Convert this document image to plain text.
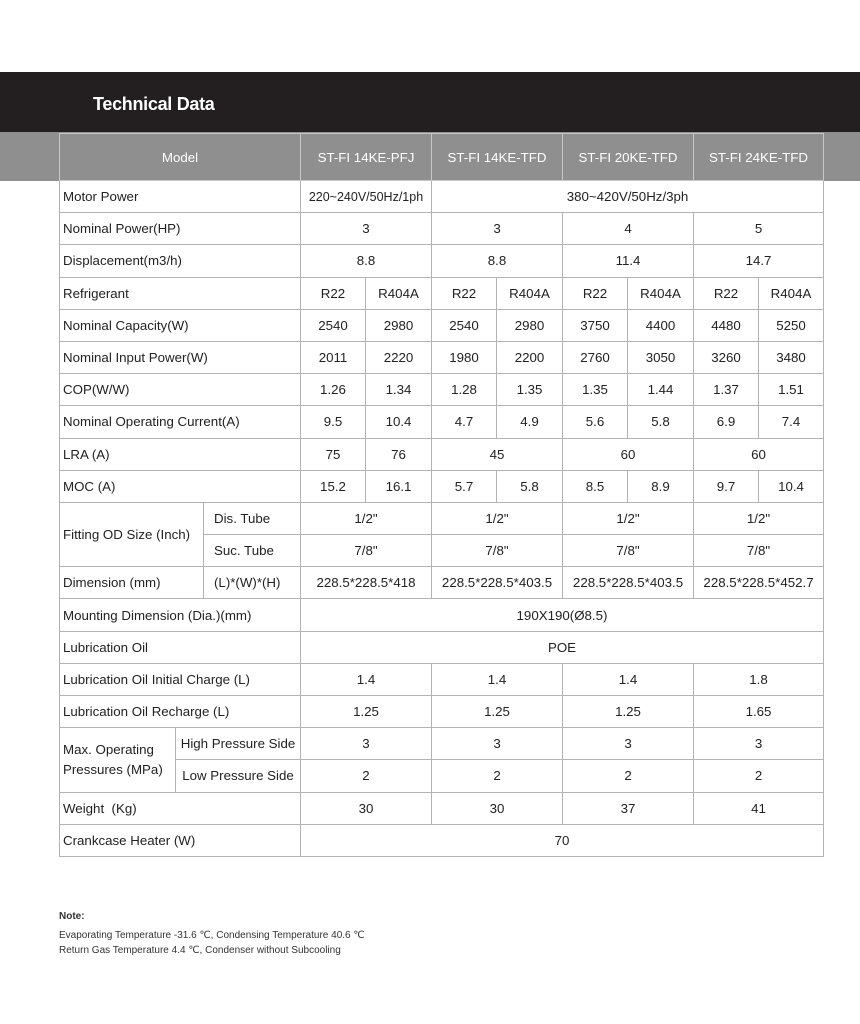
Technical Data
Model			ST-FI 14KE-PFJ		ST-FI 14KE-TFD		ST-FI 20KE-TFD		ST-FI 24KE-TFD	
Motor Power			220~240V/50Hz/1ph		380~420V/50Hz/3ph					
Nominal Power(HP)			3		3		4		5	
Displacement(m3/h)			8.8		8.8		11.4		14.7	
Refrigerant			R22	R404A	R22	R404A	R22	R404A	R22	R404A
Nominal Capacity(W)			2540	2980	2540	2980	3750	4400	4480	5250
Nominal Input Power(W)			2011	2220	1980	2200	2760	3050	3260	3480
COP(W/W)			1.26	1.34	1.28	1.35	1.35	1.44	1.37	1.51
Nominal Operating Current(A)			9.5	10.4	4.7	4.9	5.6	5.8	6.9	7.4
LRA (A)			75	76	45		60		60	
MOC (A)			15.2	16.1	5.7	5.8	8.5	8.9	9.7	10.4
Fitting OD Size (Inch)		Dis. Tube	1/2"		1/2"		1/2"		1/2"	
		Suc. Tube	7/8"		7/8"		7/8"		7/8"	
Dimension (mm)		(L)*(W)*(H)	228.5*228.5*418		228.5*228.5*403.5		228.5*228.5*403.5		228.5*228.5*452.7	
Mounting Dimension (Dia.)(mm)			190X190(Ø8.5)							
Lubrication Oil			POE							
Lubrication Oil Initial Charge (L)			1.4		1.4		1.4		1.8	
Lubrication Oil Recharge (L)			1.25		1.25		1.25		1.65	
Max. Operating Pressures (MPa)	High Pressure Side		3		3		3		3	
	Low Pressure Side		2		2		2		2	
Weight  (Kg)			30		30		37		41	
Crankcase Heater (W)			70							
Note:
Evaporating Temperature -31.6 ℃, Condensing Temperature 40.6 ℃
Return Gas Temperature 4.4 ℃, Condenser without Subcooling
